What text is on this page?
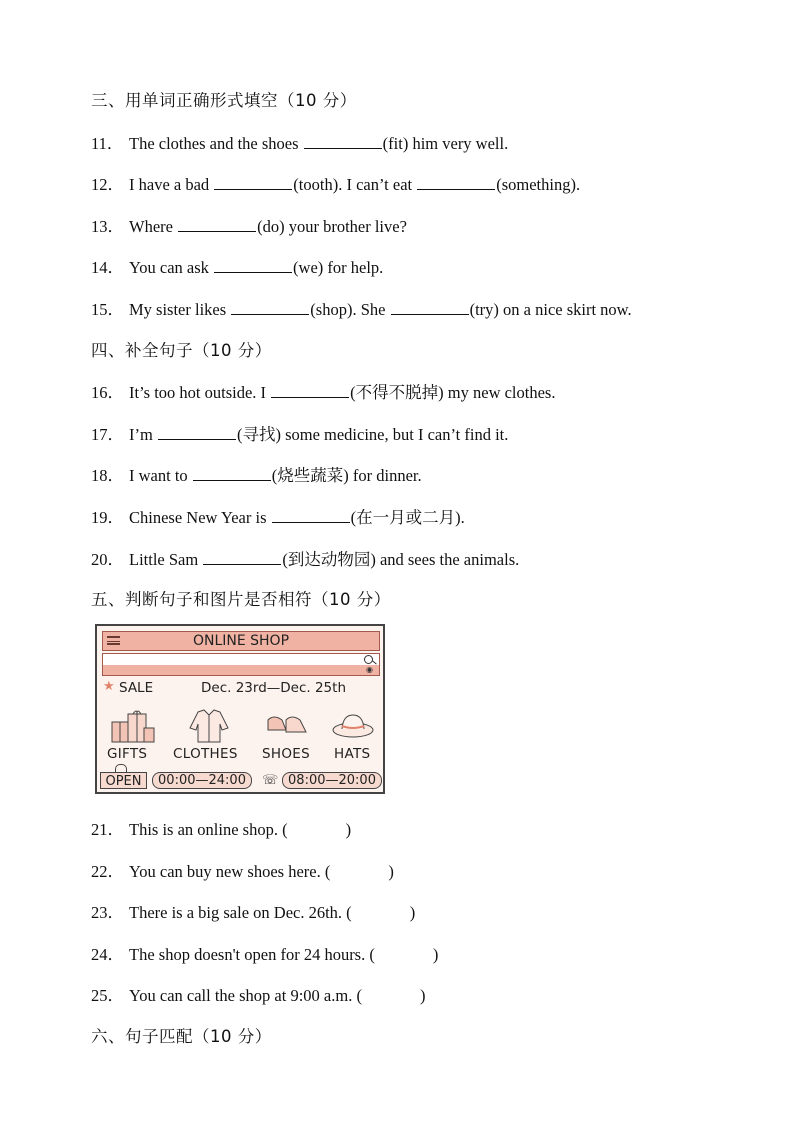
三、用单词正确形式填空（10 分）
11． The clothes and the shoes	(fit) him very well.
12． I have a bad	(tooth). I can’t eat	(something).
13． Where	(do) your brother live?
14． You can ask	(we) for help.
15． My sister likes	(shop). She	(try) on a nice skirt now.
四、补全句子（10 分）
16． It’s too hot outside. I	(不得不脱掉) my new clothes.
17． I’m	(寻找) some medicine, but I can’t find it.
18． I want to	(烧些蔬菜) for dinner.
19． Chinese New Year is	(在一月或二月).
20． Little Sam	(到达动物园) and sees the animals.
五、判断句子和图片是否相符（10 分）
ONLINE SHOP
◉
★ SALE	Dec. 23rd—Dec. 25th
GIFTS CLOTHES SHOES HATS
OPEN	00:00—24:00	☏ 08:00—20:00
21． This is an online shop. (	)
22． You can buy new shoes here. (	)
23． There is a big sale on Dec. 26th. (	)
24． The shop doesn't open for 24 hours. (	)
25． You can call the shop at 9:00 a.m. (	)
六、句子匹配（10 分）
